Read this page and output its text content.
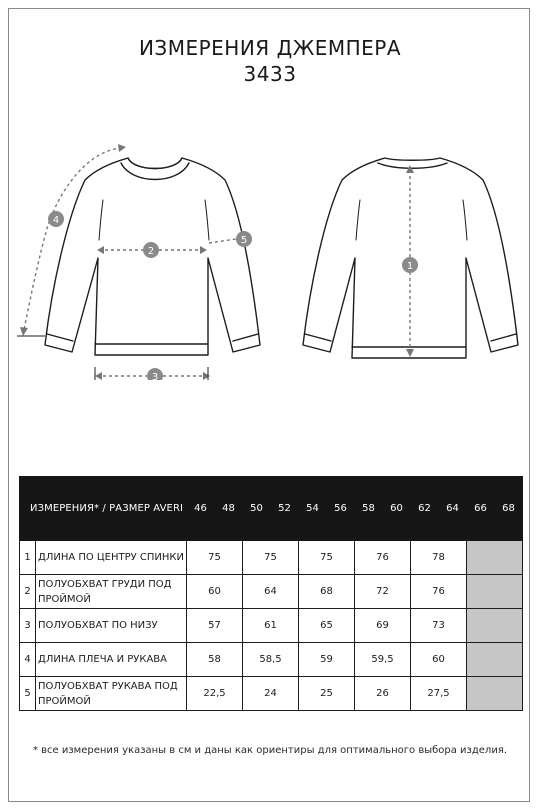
ИЗМЕРЕНИЯ ДЖЕМПЕРА
3433
4
2
5
3
1
ИЗМЕРЕНИЯ* / РАЗМЕР AVERI		46	48	50	52	54	56	58	60	62	64	66	68
1	ДЛИНА ПО ЦЕНТРУ СПИНКИ	75		75		75		76		78			
2	ПОЛУОБХВАТ ГРУДИ ПОД ПРОЙМОЙ	60		64		68		72		76			
3	ПОЛУОБХВАТ ПО НИЗУ	57		61		65		69		73			
4	ДЛИНА ПЛЕЧА И РУКАВА	58		58,5		59		59,5		60			
5	ПОЛУОБХВАТ РУКАВА ПОД ПРОЙМОЙ	22,5		24		25		26		27,5			
* все измерения указаны в см и даны как ориентиры для оптимального выбора изделия.
